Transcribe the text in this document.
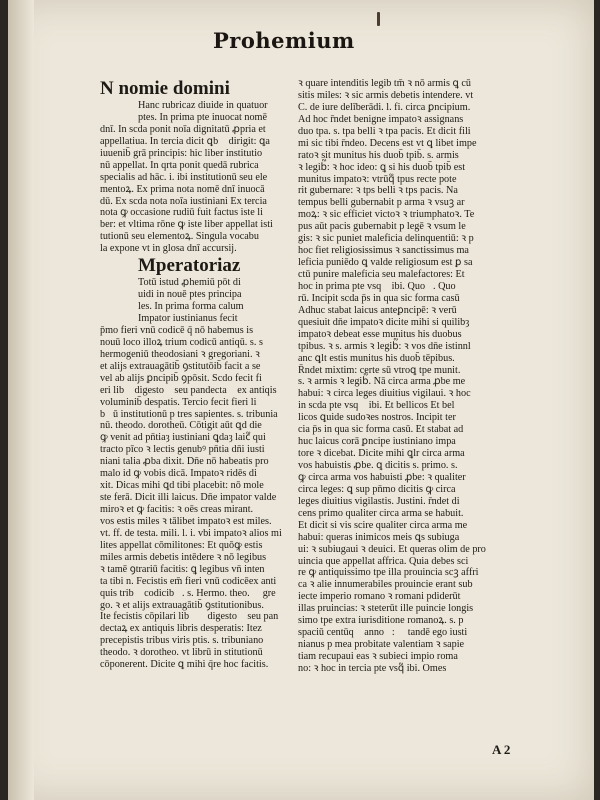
Prohemium
N nomie domini
Hanc rubricaz diuide in quatuor
ptes. In prima pte inuocat nomē
dnī. In scda ponit noīa dignitatū ꝓpria et
appellatiua. In tercia dicit ꝗb᷑ dirigit: ꝗa
iuuenib̄ grā principis: hic liber institutio
nū appellat. In qrta ponit quedā rubrica
specialis ad hāc. i. ibi institutionū seu ele
mentoꝝ. Ex prima nota nomē dnī inuocā
dū. Ex scda nota noīa iustiniani Ex tercia
nota ꝙ occasione rudiū fuit factus iste li
ber: et vltima rōne ꝙ iste liber appellat isti
tutionū seu elementoꝝ. Singula vocabu
la expone vt in glosa dnī accursij.
Mperatoriaz
Totū istud ꝓhemiū pōt di
uidi in nouē ptes principa
les. In prima forma calum
Impator iustinianus fecit
p̄mo fieri vnū codicē q̄ nō habemus is
nouū loco illoꝝ trium codicū antiqū. s. s
hermogeniū theodosiani ꝛ gregoriani. ꝛ
et alijs extrauagātib̄ ꝯstitutōib̄ facit a se
vel ab alijs ꝑncipib̄ ꝯpōsit. Scdo fecit fi
eri lib᷑ digestoꝝ seu pandectaꝝ ex antiqis
voluminib̄ despatis. Tercio fecit fieri li
b᷑ū institutionū p tres sapientes. s. tribunia
nū. theodo. dorotheū. Cōtigit aūt ꝗd die
ꝙ venit ad pn̄tiaȝ iustiniani ꝗdaȝ laic᷑ qui
tracto pīco ꝛ lectis genubꝰ pn̄tia dn̄i iusti
niani talia ꝓba dixit. Dn̄e nō habeatis pro
malo id ꝙ vobis dicā. Impatoꝛ ridēs di
xit. Dicas mihi ꝗd tibi placebit: nō mole
ste ferā. Dicit illi laicus. Dn̄e impator valde
miroꝛ et ꝙ facitis: ꝛ oēs creas mirant.
vos estis miles ꝛ tālibet impatoꝛ est miles.
vt. ff. de testa. mili. l. i. vbi impatoꝛ alios mi
lites appellat cōmilitones: Et quōꝙ estis
miles armis debetis intēdere ꝛ nō legibus
ꝛ tamē ꝯtrariū facitis: ꝗ legibus vn̄ inten
ta tibi n. Fecistis em̄ fieri vnū codicēex anti
quis trib᷑ codicib᷑. s. Hermo. theo. ꝛ gre
go. ꝛ et alijs extrauagātib̄ ꝯstitutionibus.
Ite fecistis cōpilari lib᷑ꝝ digestoꝝ seu pan
dectaꝝ ex antiquis libris desperatis: Itez
precepistis tribus viris ptis. s. tribuniano
theodo. ꝛ dorotheo. vt librū in stitutionū
cōponerent. Dicite ꝗ mihi q̄re hoc facitis.
ꝛ quare intenditis legib̄ tm̄ ꝛ nō armis ꝗ cū
sitis miles: ꝛ sic armis debetis intendere. vt
C. de iure delīberādi. l. fi. circa ꝑncipium.
Ad hoc r̄ndet benigne impatoꝛ assignans
duo tpa. s. tpa belli ꝛ tpa pacis. Et dicit fili
mi sic tibi r̄ndeo. Decens est vt ꝗ libet impe
ratoꝛ sit munitus his duob̄ tpib̄. s. armis
ꝛ legib᷑: ꝛ hoc ideo: ꝗ si his duob̄ tpib̄ est
munitus impatoꝛ: vtrūq᷑ tpus recte pote
rit gubernare: ꝛ tps belli ꝛ tps pacis. Na
tempus belli gubernabit p arma ꝛ vsuꝫ ar
moꝝ: ꝛ sic efficiet victoꝛ ꝛ triumphatoꝛ. Te
pus aūt pacis gubernabit p legē ꝛ vsum le
gis: ꝛ sic puniet maleficia delinquentiū: ꝛ p
hoc fiet religiosissimus ꝛ sanctissimus ma
leficia puniēdo ꝗ valde religiosum est ꝑ sa
ctū punire maleficia seu malefactores: Et
hoc in prima pte vsq᷑ ibi. Quoꝝ. Quo
rū. Incipit scda p̄s in qua sic forma casū
Adhuc stabat laicus anteꝑncipē: ꝛ verū
quesiuit dn̄e impatoꝛ dicite mihi si quilibȝ
impatoꝛ debeat esse munitus his duobus
tpibus. ꝛ s. armis ꝛ legib᷑: ꝛ vos dn̄e istinnl
anc ꝗlt estis munitus his duob̄ tēpibus.
R̄ndet mixtim: certe sū vtroꝗ tpe munit.
s. ꝛ armis ꝛ legib᷑. Nā circa arma ꝓbe me
habui: ꝛ circa leges diuitius vigilaui. ꝛ hoc
in scda pte vsq᷑ ibi. Et bellicos Et bel
licos ꝗuide sudoꝛes nostros. Incipit ter
cia p̄s in qua sic forma casū. Et stabat ad
huc laicus corā ꝑncipe iustiniano impa
tore ꝛ dicebat. Dicite mihi ꝗlr circa arma
vos habuistis ꝓbe. ꝗ dicitis s. primo. s.
ꝙ circa arma vos habuisti ꝓbe: ꝛ qualiter
circa leges: ꝗ sup pn̄mo dicitis ꝙ circa
leges diuitius vigilastis. Justini. r̄ndet di
cens primo qualiter circa arma se habuit.
Et dicit si vis scire qualiter circa arma me
habui: queras inimicos meis ꝗs subiuga
ui: ꝛ subiugaui ꝛ deuici. Et queras olim de pro
uincia que appellat affrica. Quia debes sci
re ꝙ antiquissimo tpe illa prouincia scꝫ affri
ca ꝛ alie innumerabiles prouincie erant sub
iecte imperio romano ꝛ romani pdiderūt
illas pruincias: ꝛ steterūt ille puincie longis
simo tpe extra iurisditione romanoꝝ. s. p
spaciū centūq᷑ annoꝝ: ꝛ tandē ego iusti
nianus p mea probitate valentiam ꝛ sapie
tiam recupaui eas ꝛ subieci impio roma
no: ꝛ hoc in tercia pte vsq᷑ ibi. Omes
A 2
